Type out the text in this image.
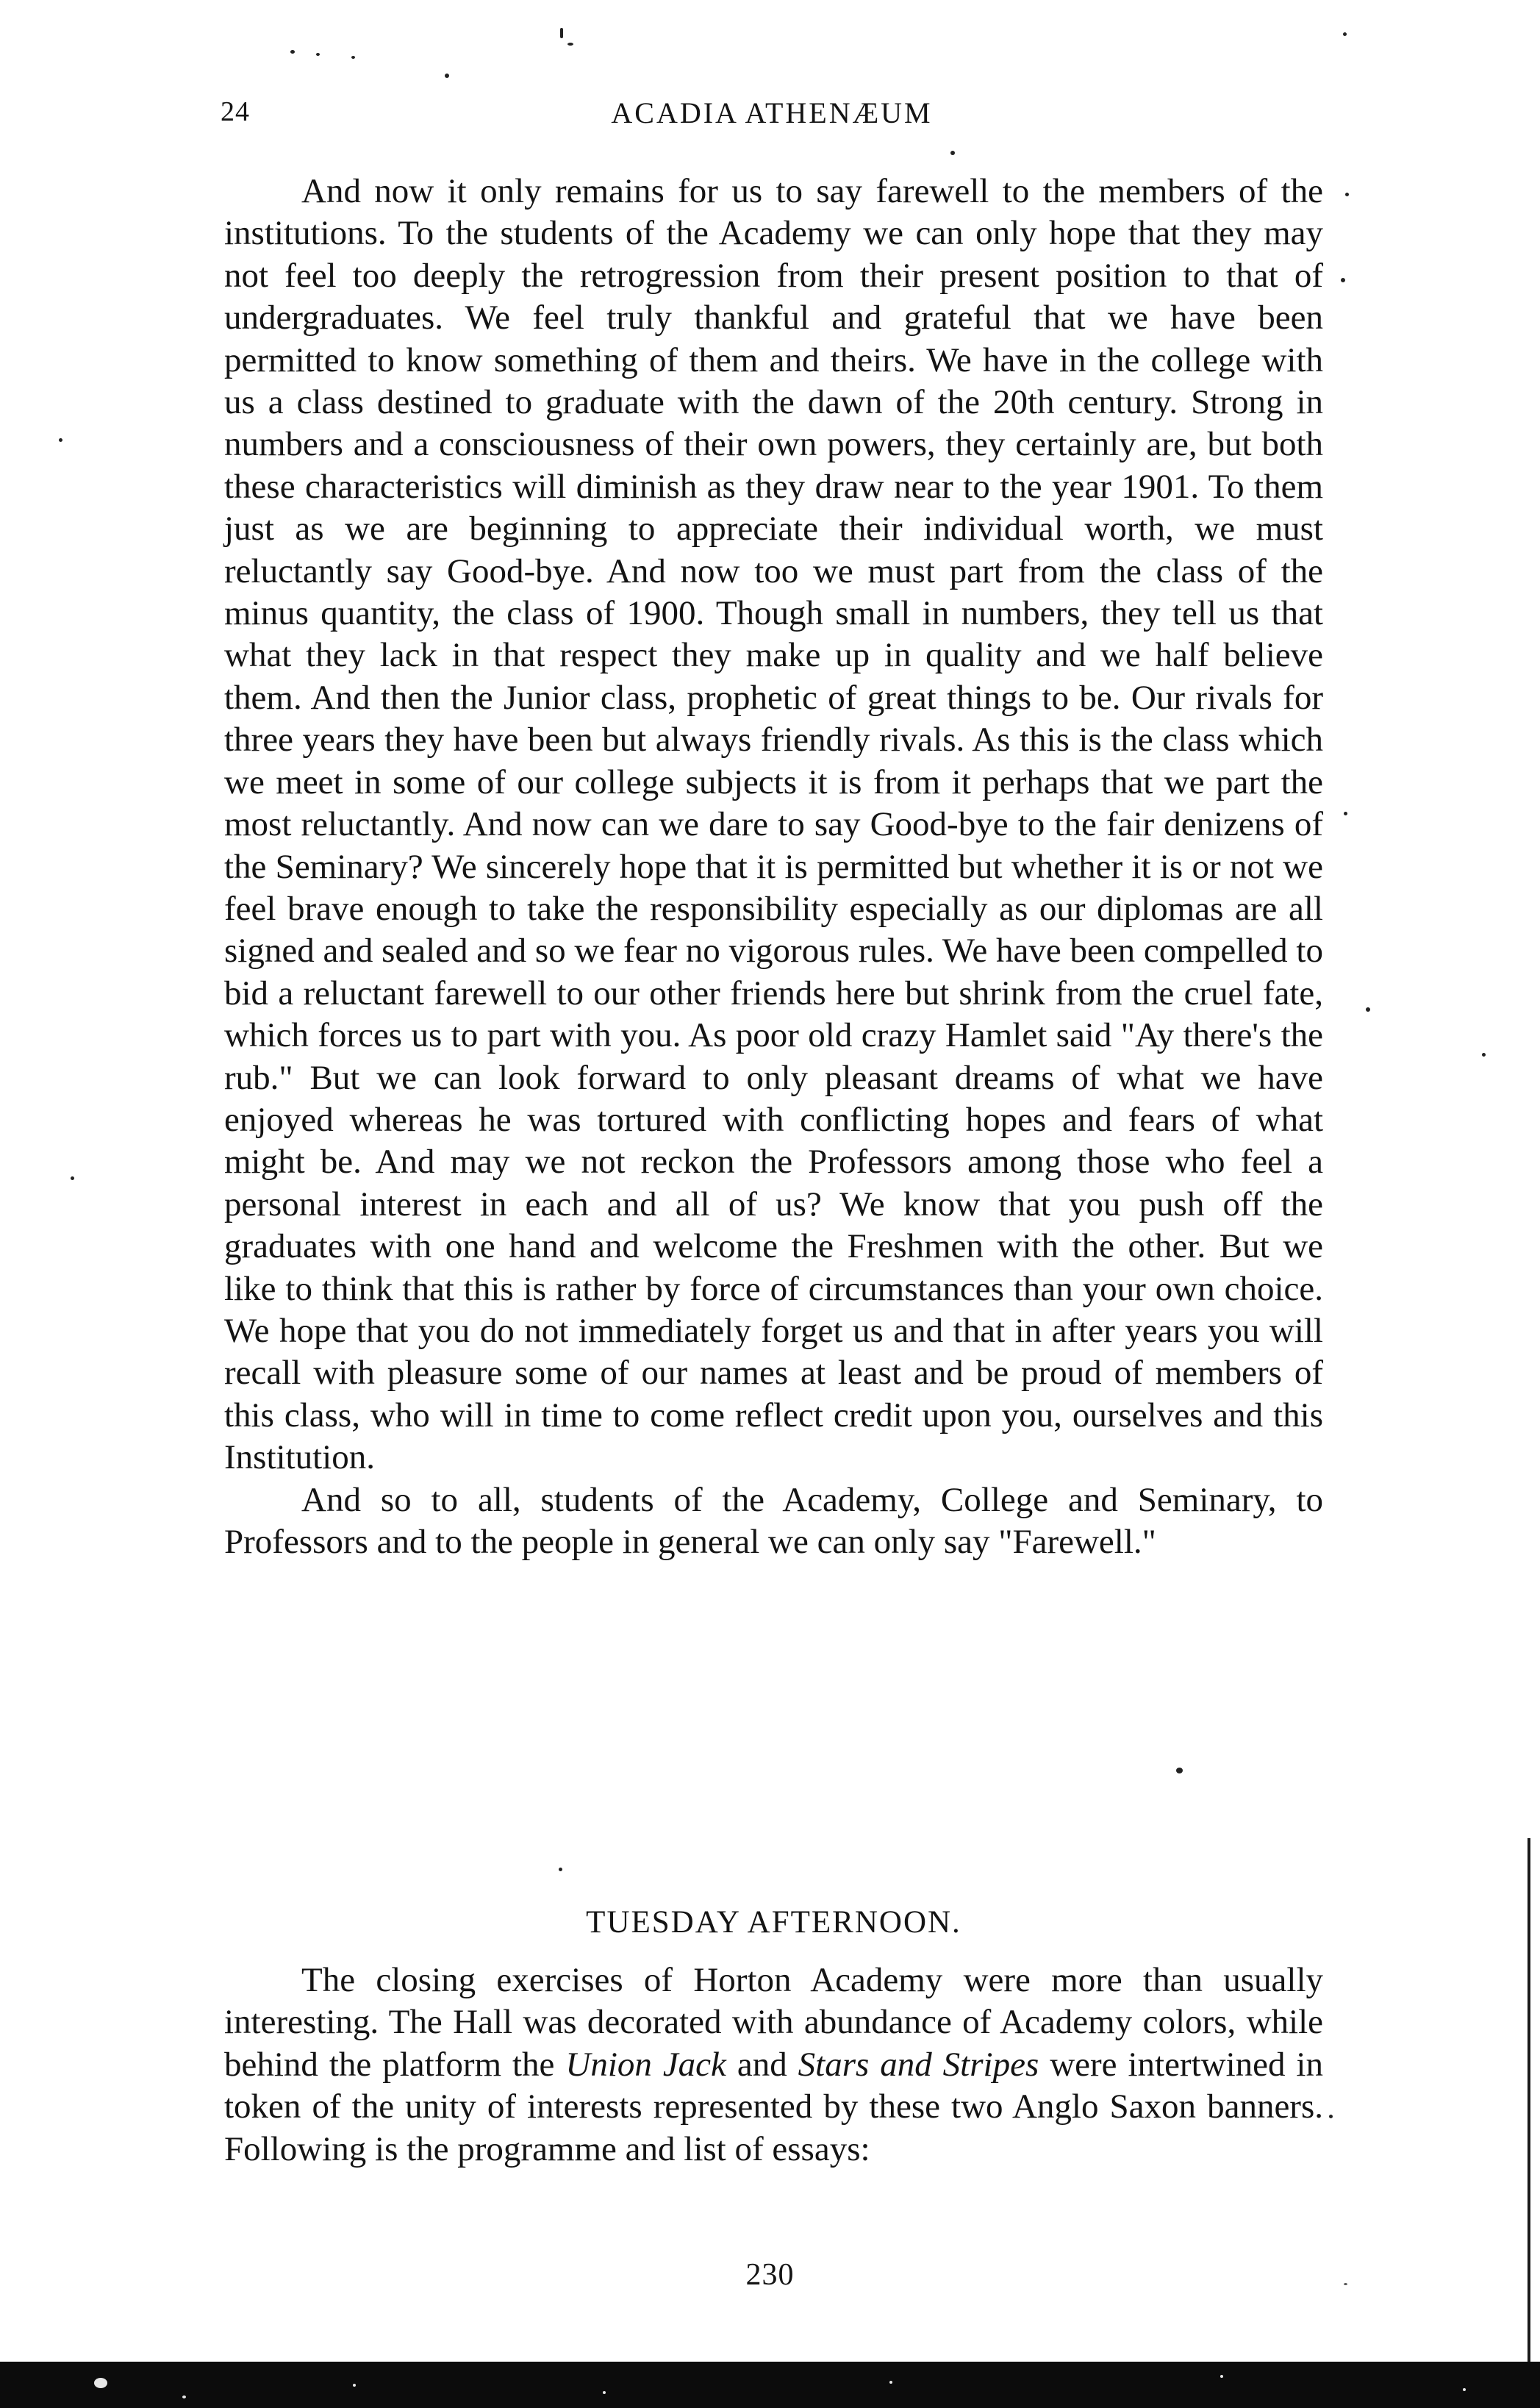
24	ACADIA ATHENÆUM

And now it only remains for us to say farewell to the members of the institutions. To the students of the Academy we can only hope that they may not feel too deeply the retrogression from their present position to that of undergraduates. We feel truly thankful and grateful that we have been permitted to know something of them and theirs. We have in the college with us a class destined to graduate with the dawn of the 20th century. Strong in numbers and a consciousness of their own powers, they certainly are, but both these characteristics will diminish as they draw near to the year 1901. To them just as we are beginning to appreciate their individual worth, we must reluctantly say Good-bye. And now too we must part from the class of the minus quantity, the class of 1900. Though small in numbers, they tell us that what they lack in that respect they make up in quality and we half believe them. And then the Junior class, prophetic of great things to be. Our rivals for three years they have been but always friendly rivals. As this is the class which we meet in some of our college subjects it is from it perhaps that we part the most reluctantly. And now can we dare to say Good-bye to the fair denizens of the Seminary? We sincerely hope that it is permitted but whether it is or not we feel brave enough to take the responsibility especially as our diplomas are all signed and sealed and so we fear no vigorous rules. We have been compelled to bid a reluctant farewell to our other friends here but shrink from the cruel fate, which forces us to part with you. As poor old crazy Hamlet said "Ay there's the rub." But we can look forward to only pleasant dreams of what we have enjoyed whereas he was tortured with conflicting hopes and fears of what might be. And may we not reckon the Professors among those who feel a personal interest in each and all of us? We know that you push off the graduates with one hand and welcome the Freshmen with the other. But we like to think that this is rather by force of circumstances than your own choice. We hope that you do not immediately forget us and that in after years you will recall with pleasure some of our names at least and be proud of members of this class, who will in time to come reflect credit upon you, ourselves and this Institution.

And so to all, students of the Academy, College and Seminary, to Professors and to the people in general we can only say "Farewell."

TUESDAY AFTERNOON.

The closing exercises of Horton Academy were more than usually interesting. The Hall was decorated with abundance of Academy colors, while behind the platform the Union Jack and Stars and Stripes were intertwined in token of the unity of interests represented by these two Anglo Saxon banners. Following is the programme and list of essays:

230
